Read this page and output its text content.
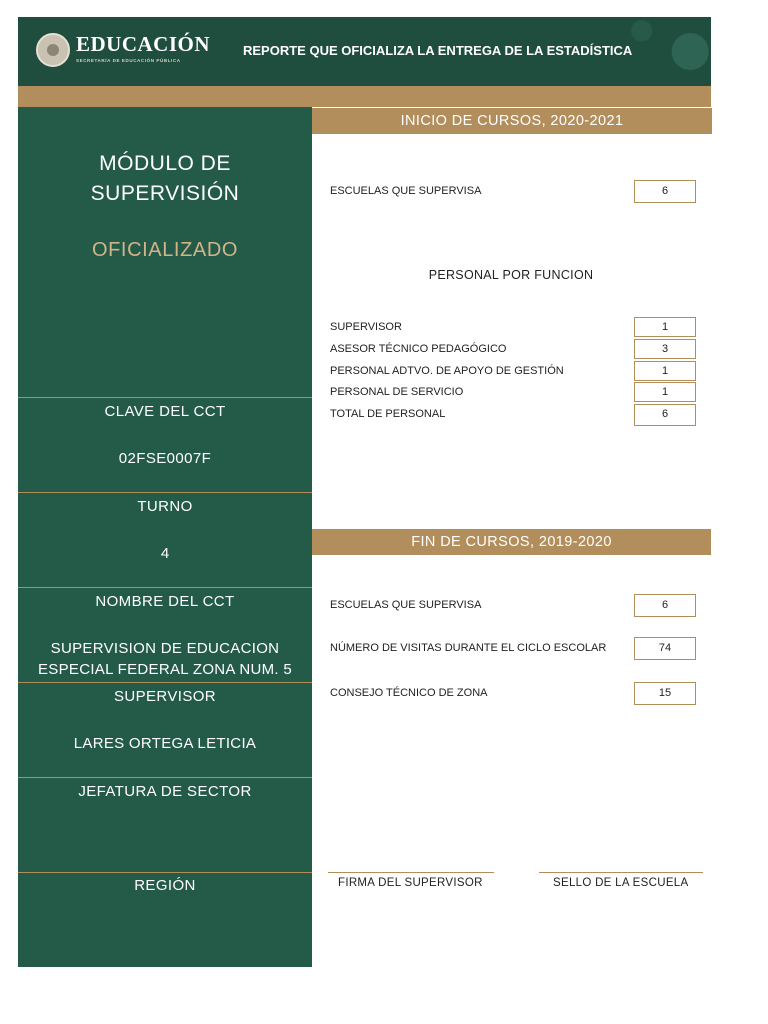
EDUCACIÓN
SECRETARÍA DE EDUCACIÓN PÚBLICA
REPORTE QUE OFICIALIZA LA ENTREGA DE LA ESTADÍSTICA
MÓDULO DE
SUPERVISIÓN
OFICIALIZADO
CLAVE DEL CCT
02FSE0007F
TURNO
4
NOMBRE DEL CCT
SUPERVISION DE EDUCACION
ESPECIAL FEDERAL ZONA NUM. 5
SUPERVISOR
LARES ORTEGA LETICIA
JEFATURA DE SECTOR
REGIÓN
INICIO DE CURSOS, 2020-2021
ESCUELAS QUE SUPERVISA	6
PERSONAL POR FUNCION
SUPERVISOR	1
ASESOR TÉCNICO PEDAGÓGICO	3
PERSONAL ADTVO. DE APOYO DE GESTIÓN	1
PERSONAL DE SERVICIO	1
TOTAL DE PERSONAL	6
FIN DE CURSOS, 2019-2020
ESCUELAS QUE SUPERVISA	6
NÚMERO DE VISITAS DURANTE EL CICLO ESCOLAR	74
CONSEJO TÉCNICO DE ZONA	15
FIRMA DEL SUPERVISOR	SELLO DE LA ESCUELA
